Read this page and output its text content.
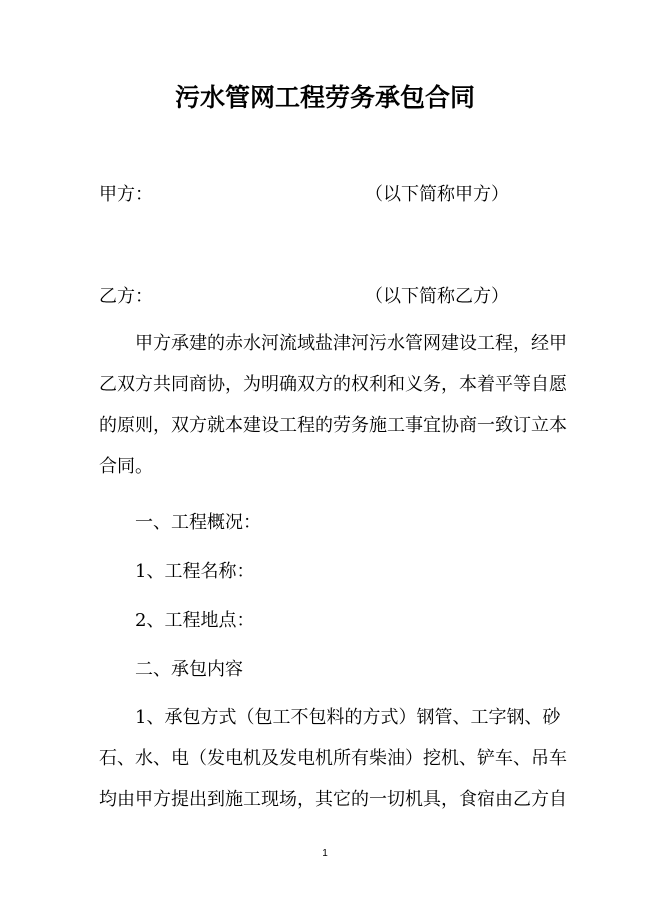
污水管网工程劳务承包合同
甲方：	（以下简称甲方）
乙方：	（以下简称乙方）
甲方承建的赤水河流域盐津河污水管网建设工程，经甲
乙双方共同商协，为明确双方的权利和义务，本着平等自愿
的原则，双方就本建设工程的劳务施工事宜协商一致订立本
合同。
一、工程概况：
1、工程名称：
2、工程地点：
二、承包内容
1、承包方式（包工不包料的方式）钢管、工字钢、砂
石、水、电（发电机及发电机所有柴油）挖机、铲车、吊车
均由甲方提出到施工现场，其它的一切机具，食宿由乙方自
1
